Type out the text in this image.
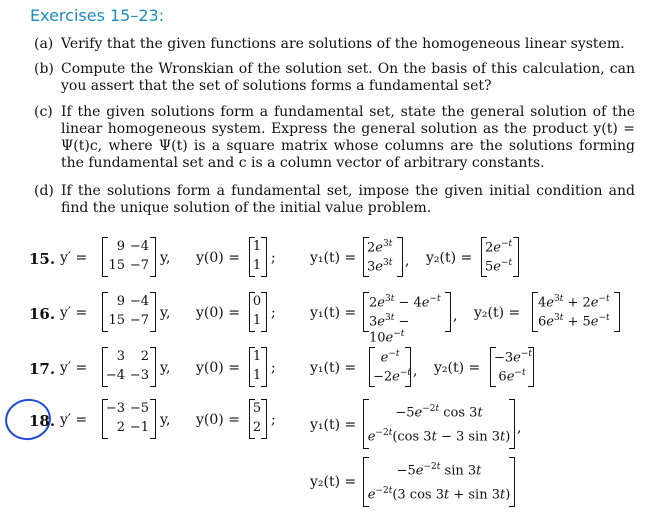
Exercises 15–23:
(a) Verify that the given functions are solutions of the homogeneous linear system.
(b) Compute the Wronskian of the solution set. On the basis of this calculation, can you assert that the set of solutions forms a fundamental set?
(c) If the given solutions form a fundamental set, state the general solution of the linear homogeneous system. Express the general solution as the product y(t) = Ψ(t)c, where Ψ(t) is a square matrix whose columns are the solutions forming the fundamental set and c is a column vector of arbitrary constants.
(d) If the solutions form a fundamental set, impose the given initial condition and find the unique solution of the initial value problem.
15. y′ =
9 −4
15 −7 y, y(0) =
1
1 ; y₁(t) =
$2e^{3t}$
$3e^{3t}$ , y₂(t) =
$2e^{-t}$
$5e^{-t}$
16. y′ =
9 −4
15 −7 y, y(0) =
0
1 ; y₁(t) =
$2e^{3t} - 4e^{-t}$
$3e^{3t} - 10e^{-t}$
, y₂(t) =
$4e^{3t} + 2e^{-t}$
$6e^{3t} + 5e^{-t}$
17. y′ =
3	2
−4 −3 y, y(0) =
1
1 ; y₁(t) =
$e^{-t}$
$-2e^{-t}$ , y₂(t) =
$-3e^{-t}$
$6e^{-t}$
18. y′ =
−3 −5
2 −1 y, y(0) =
5
2 ; y₁(t) =
$-5e^{-2t}$ cos 3t
$e^{-2t}(\cos$ 3t − 3 sin 3t)
,
y₂(t) =
$-5e^{-2t}$ sin 3t
$e^{-2t}(3$ cos 3t + sin 3t)
